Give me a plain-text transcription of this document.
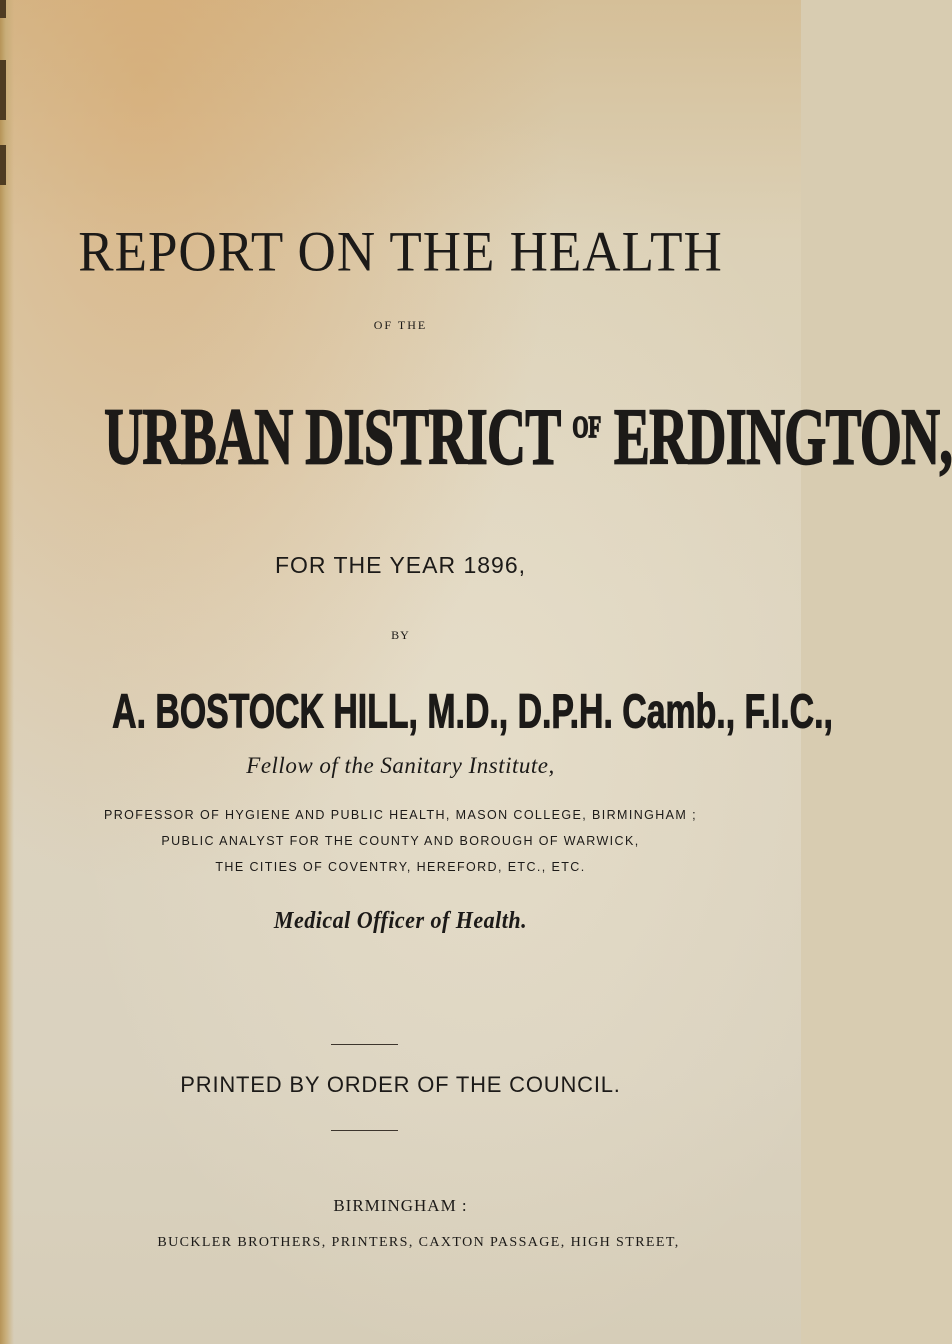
REPORT ON THE HEALTH
OF THE
URBAN DISTRICT $^{OF}$ ERDINGTON,
FOR THE YEAR 1896,
BY
A. BOSTOCK HILL, M.D., D.P.H. Camb., F.I.C.,
Fellow of the Sanitary Institute,
PROFESSOR OF HYGIENE AND PUBLIC HEALTH, MASON COLLEGE, BIRMINGHAM ;
PUBLIC ANALYST FOR THE COUNTY AND BOROUGH OF WARWICK,
THE CITIES OF COVENTRY, HEREFORD, ETC., ETC.
Medical Officer of Health.
PRINTED BY ORDER OF THE COUNCIL.
BIRMINGHAM :
BUCKLER BROTHERS, PRINTERS, CAXTON PASSAGE, HIGH STREET,
